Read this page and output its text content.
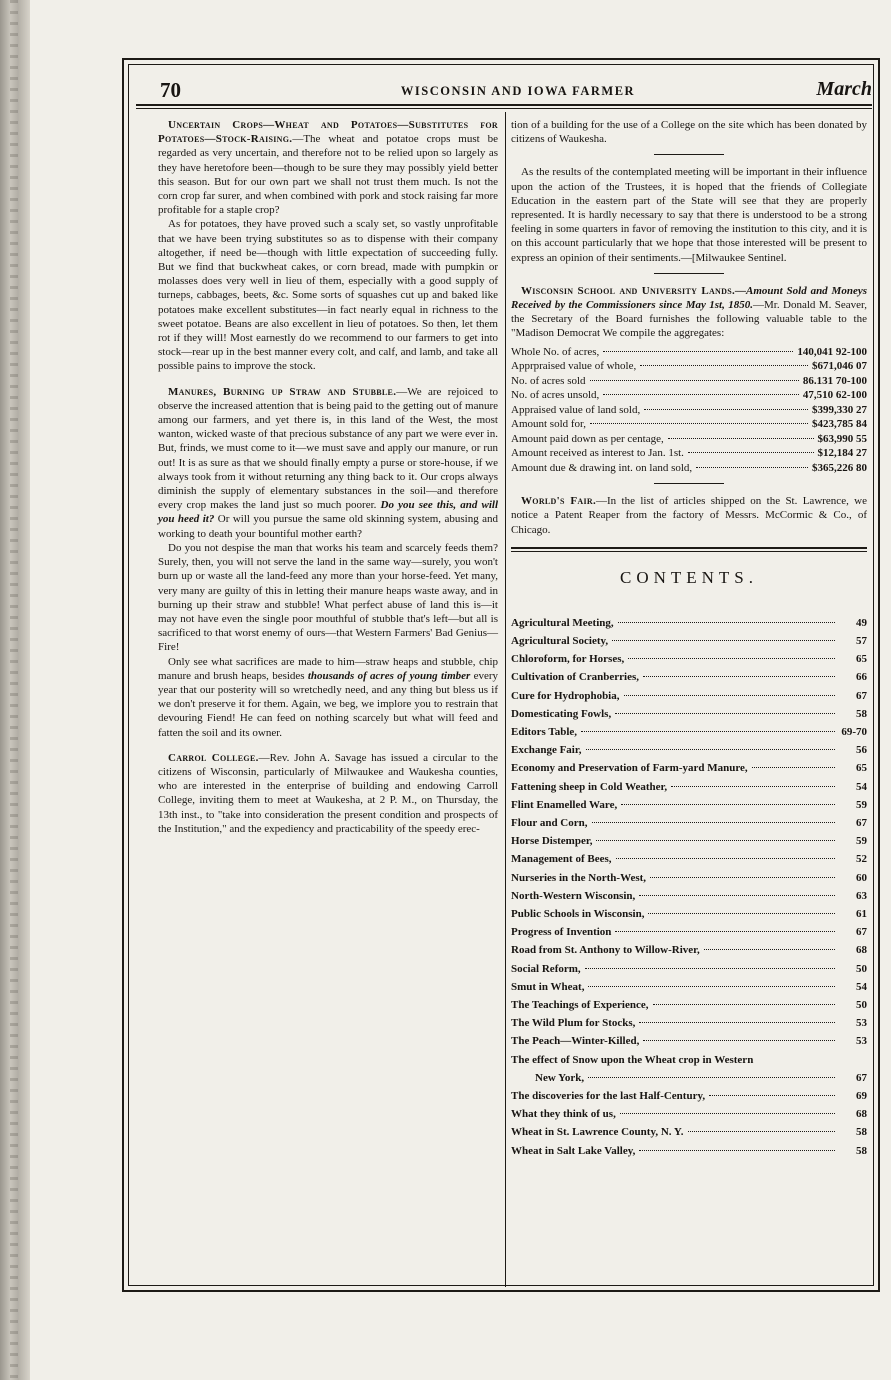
70	WISCONSIN AND IOWA FARMER	March

Uncertain Crops—Wheat and Potatoes—Substitutes for Potatoes—Stock-Raising.—The wheat and potatoe crops must be regarded as very uncertain, and therefore not to be relied upon so largely as they have heretofore been—though to be sure they may possibly yield better this season. But for our own part we shall not trust them much. Is not the corn crop far surer, and when combined with pork and stock raising far more profitable for a staple crop?

As for potatoes, they have proved such a scaly set, so vastly unprofitable that we have been trying substitutes so as to dispense with their company altogether, if need be—though with little expectation of succeeding fully. But we find that buckwheat cakes, or corn bread, made with pumpkin or molasses does very well in lieu of them, especially with a good supply of turneps, cabbages, beets, &c. Some sorts of squashes cut up and baked like potatoes make excellent substitutes—in fact nearly equal in richness to the sweet potatoe. Beans are also excellent in lieu of potatoes. So then, let them rot if they will! Most earnestly do we recommend to our farmers to get into stock—rear up in the best manner every colt, and calf, and lamb, and take all possible pains to improve the stock.

Manures, Burning up Straw and Stubble.—We are rejoiced to observe the increased attention that is being paid to the getting out of manure among our farmers, and yet there is, in this land of the West, the most wanton, wicked waste of that precious substance of any part we were ever in. But, frinds, we must come to it—we must save and apply our manure, or run out! It is as sure as that we should finally empty a purse or store-house, if we always took from it without returning any thing back to it. Our crops always diminish the supply of elementary substances in the soil—and therefore every crop makes the land just so much poorer. Do you see this, and will you heed it? Or will you pursue the same old skinning system, abusing and working to death your bountiful mother earth?

Do you not despise the man that works his team and scarcely feeds them? Surely, then, you will not serve the land in the same way—surely, you won't burn up or waste all the land-feed any more than your horse-feed. Yet many, very many are guilty of this in letting their manure heaps waste away, and in burning up their straw and stubble! What perfect abuse of land this is—it may not have even the single poor mouthful of stubble that's left—but all is sacrificed to that worst enemy of ours—that Western Farmers' Bad Genius—Fire!

Only see what sacrifices are made to him—straw heaps and stubble, chip manure and brush heaps, besides thousands of acres of young timber every year that our posterity will so wretchedly need, and any thing but bless us if we don't preserve it for them. Again, we beg, we implore you to restrain that devouring Fiend! He can feed on nothing scarcely but what will feed and fatten the soil and its owner.

Carrol College.—Rev. John A. Savage has issued a circular to the citizens of Wisconsin, particularly of Milwaukee and Waukesha counties, who are interested in the enterprise of building and endowing Carroll College, inviting them to meet at Waukesha, at 2 P. M., on Thursday, the 13th inst., to "take into consideration the present condition and prospects of the Institution," and the expediency and practicability of the speedy erec-

tion of a building for the use of a College on the site which has been donated by citizens of Waukesha.

As the results of the contemplated meeting will be important in their influence upon the action of the Trustees, it is hoped that the friends of Collegiate Education in the eastern part of the State will see that they are properly represented. It is hardly necessary to say that there is understood to be a strong feeling in some quarters in favor of removing the institution to this city, and it is on this account particularly that we hope that those interested will be present to express an opinion of their sentiments.—[Milwaukee Sentinel.

Wisconsin School and University Lands.—Amount Sold and Moneys Received by the Commissioners since May 1st, 1850.—Mr. Donald M. Seaver, the Secretary of the Board furnishes the following valuable table to the "Madison Democrat We compile the aggregates:

Whole No. of acres,	140,041 92-100
Apprpraised value of whole,	$671,046 07
No. of acres sold	86.131 70-100
No. of acres unsold,	47,510 62-100
Appraised value of land sold,	$399,330 27
Amount sold for,	$423,785 84
Amount paid down as per centage,	$63,990 55
Amount received as interest to Jan. 1st.	$12,184 27
Amount due & drawing int. on land sold,	$365,226 80

World's Fair.—In the list of articles shipped on the St. Lawrence, we notice a Patent Reaper from the factory of Messrs. McCormic & Co., of Chicago.

CONTENTS.
Agricultural Meeting,	49
Agricultural Society,	57
Chloroform, for Horses,	65
Cultivation of Cranberries,	66
Cure for Hydrophobia,	67
Domesticating Fowls,	58
Editors Table,	69-70
Exchange Fair,	56
Economy and Preservation of Farm-yard Manure,	65
Fattening sheep in Cold Weather,	54
Flint Enamelled Ware,	59
Flour and Corn,	67
Horse Distemper,	59
Management of Bees,	52
Nurseries in the North-West,	60
North-Western Wisconsin,	63
Public Schools in Wisconsin,	61
Progress of Invention	67
Road from St. Anthony to Willow-River,	68
Social Reform,	50
Smut in Wheat,	54
The Teachings of Experience,	50
The Wild Plum for Stocks,	53
The Peach—Winter-Killed,	53
The effect of Snow upon the Wheat crop in Western
New York,	67
The discoveries for the last Half-Century,	69
What they think of us,	68
Wheat in St. Lawrence County, N. Y.	58
Wheat in Salt Lake Valley,	58
